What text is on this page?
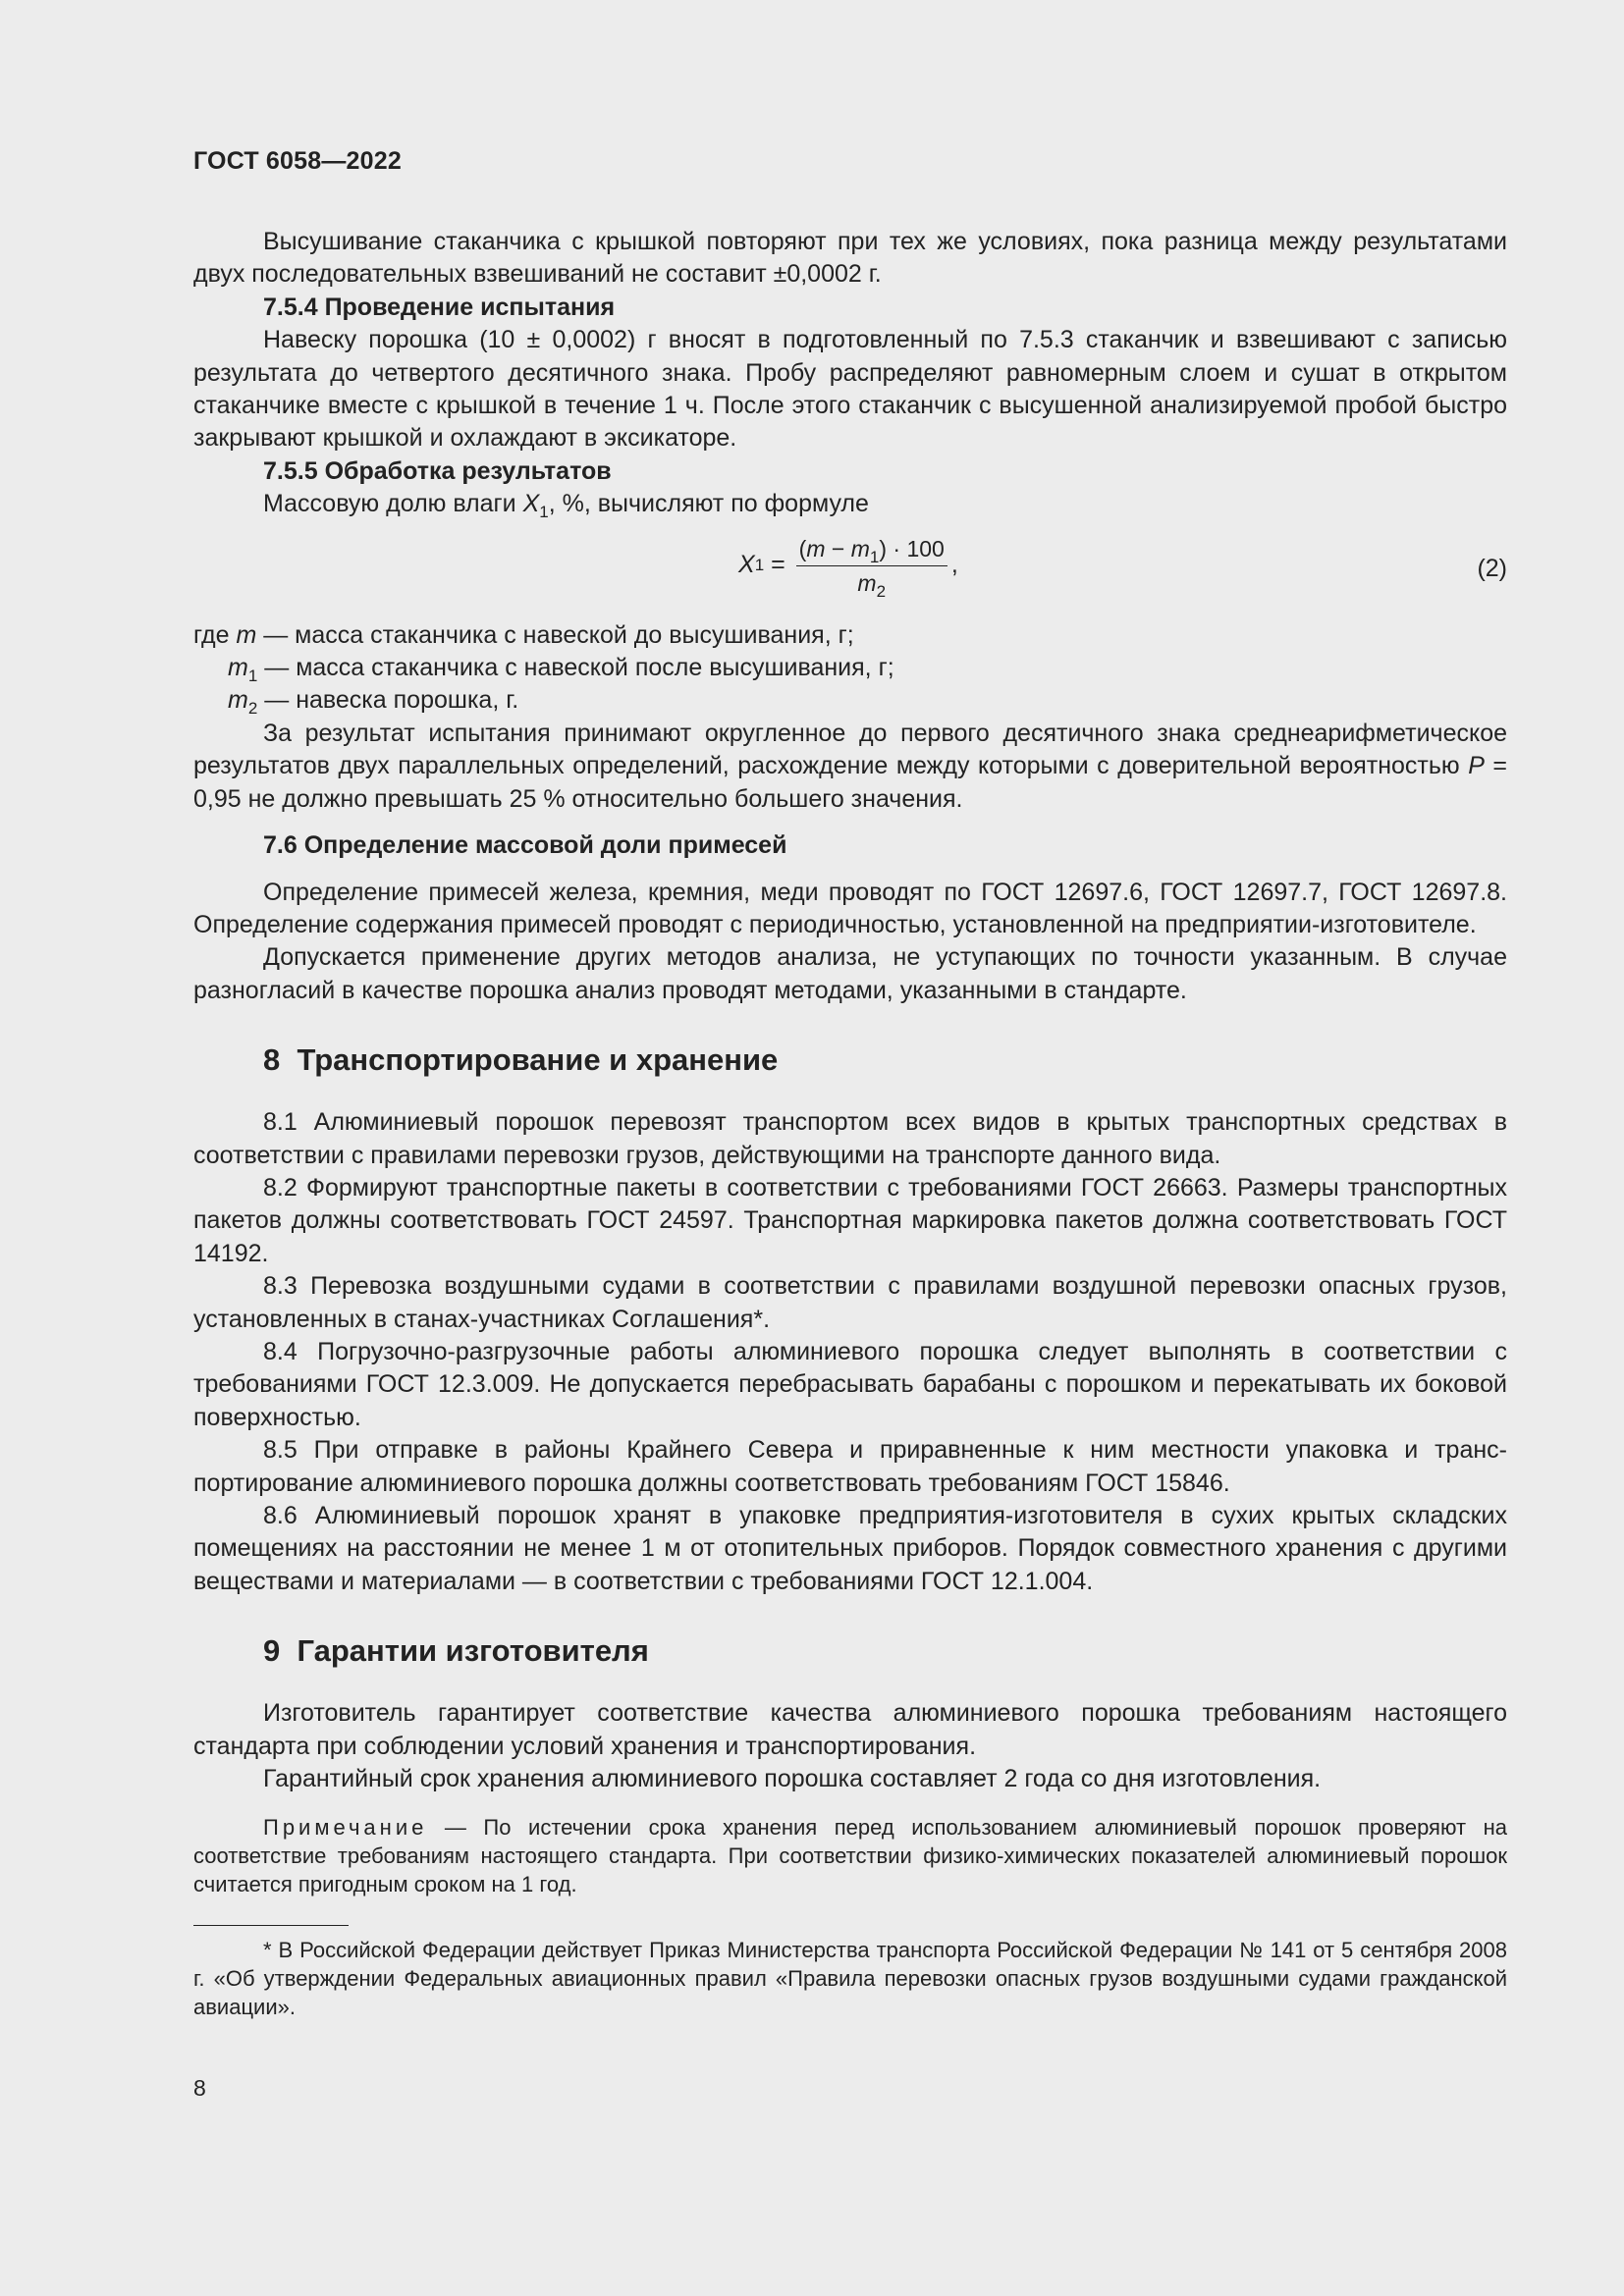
ГОСТ 6058—2022

Высушивание стаканчика с крышкой повторяют при тех же условиях, пока разница между результатами двух последовательных взвешиваний не составит ±0,0002 г.

7.5.4 Проведение испытания

Навеску порошка (10 ± 0,0002) г вносят в подготовленный по 7.5.3 стаканчик и взвешивают с записью результата до четвертого десятичного знака. Пробу распределяют равномерным слоем и сушат в открытом стаканчике вместе с крышкой в течение 1 ч. После этого стаканчик с высушенной анализируемой пробой быстро закрывают крышкой и охлаждают в эксикаторе.

7.5.5 Обработка результатов

Массовую долю влаги $X_1$, %, вычисляют по формуле

X $1 = \frac{(m - m_1) \cdot 100}{m_2}$ ,	(2)

где m — масса стаканчика с навеской до высушивания, г;

$m_1$ — масса стаканчика с навеской после высушивания, г;

$m_2$ — навеска порошка, г.

За результат испытания принимают округленное до первого десятичного знака среднеарифметическое результатов двух параллельных определений, расхождение между которыми с доверительной вероятностью P = 0,95 не должно превышать 25 % относительно большего значения.

7.6 Определение массовой доли примесей

Определение примесей железа, кремния, меди проводят по ГОСТ 12697.6, ГОСТ 12697.7, ГОСТ 12697.8. Определение содержания примесей проводят с периодичностью, установленной на предприятии-изготовителе.

Допускается применение других методов анализа, не уступающих по точности указанным. В случае разногласий в качестве порошка анализ проводят методами, указанными в стандарте.

8  Транспортирование и хранение

8.1 Алюминиевый порошок перевозят транспортом всех видов в крытых транспортных средствах в соответствии с правилами перевозки грузов, действующими на транспорте данного вида.

8.2 Формируют транспортные пакеты в соответствии с требованиями ГОСТ 26663. Размеры транспортных пакетов должны соответствовать ГОСТ 24597. Транспортная маркировка пакетов должна соответствовать ГОСТ 14192.

8.3 Перевозка воздушными судами в соответствии с правилами воздушной перевозки опасных грузов, установленных в станах-участниках Соглашения*.

8.4 Погрузочно-разгрузочные работы алюминиевого порошка следует выполнять в соответствии с требованиями ГОСТ 12.3.009. Не допускается перебрасывать барабаны с порошком и перекатывать их боковой поверхностью.

8.5 При отправке в районы Крайнего Севера и приравненные к ним местности упаковка и транспортирование алюминиевого порошка должны соответствовать требованиям ГОСТ 15846.

8.6 Алюминиевый порошок хранят в упаковке предприятия-изготовителя в сухих крытых складских помещениях на расстоянии не менее 1 м от отопительных приборов. Порядок совместного хранения с другими веществами и материалами — в соответствии с требованиями ГОСТ 12.1.004.

9  Гарантии изготовителя

Изготовитель гарантирует соответствие качества алюминиевого порошка требованиям настоящего стандарта при соблюдении условий хранения и транспортирования.

Гарантийный срок хранения алюминиевого порошка составляет 2 года со дня изготовления.

Примечание — По истечении срока хранения перед использованием алюминиевый порошок проверяют на соответствие требованиям настоящего стандарта. При соответствии физико-химических показателей алюминиевый порошок считается пригодным сроком на 1 год.

* В Российской Федерации действует Приказ Министерства транспорта Российской Федерации № 141 от 5 сентября 2008 г. «Об утверждении Федеральных авиационных правил «Правила перевозки опасных грузов воздушными судами гражданской авиации».

8
